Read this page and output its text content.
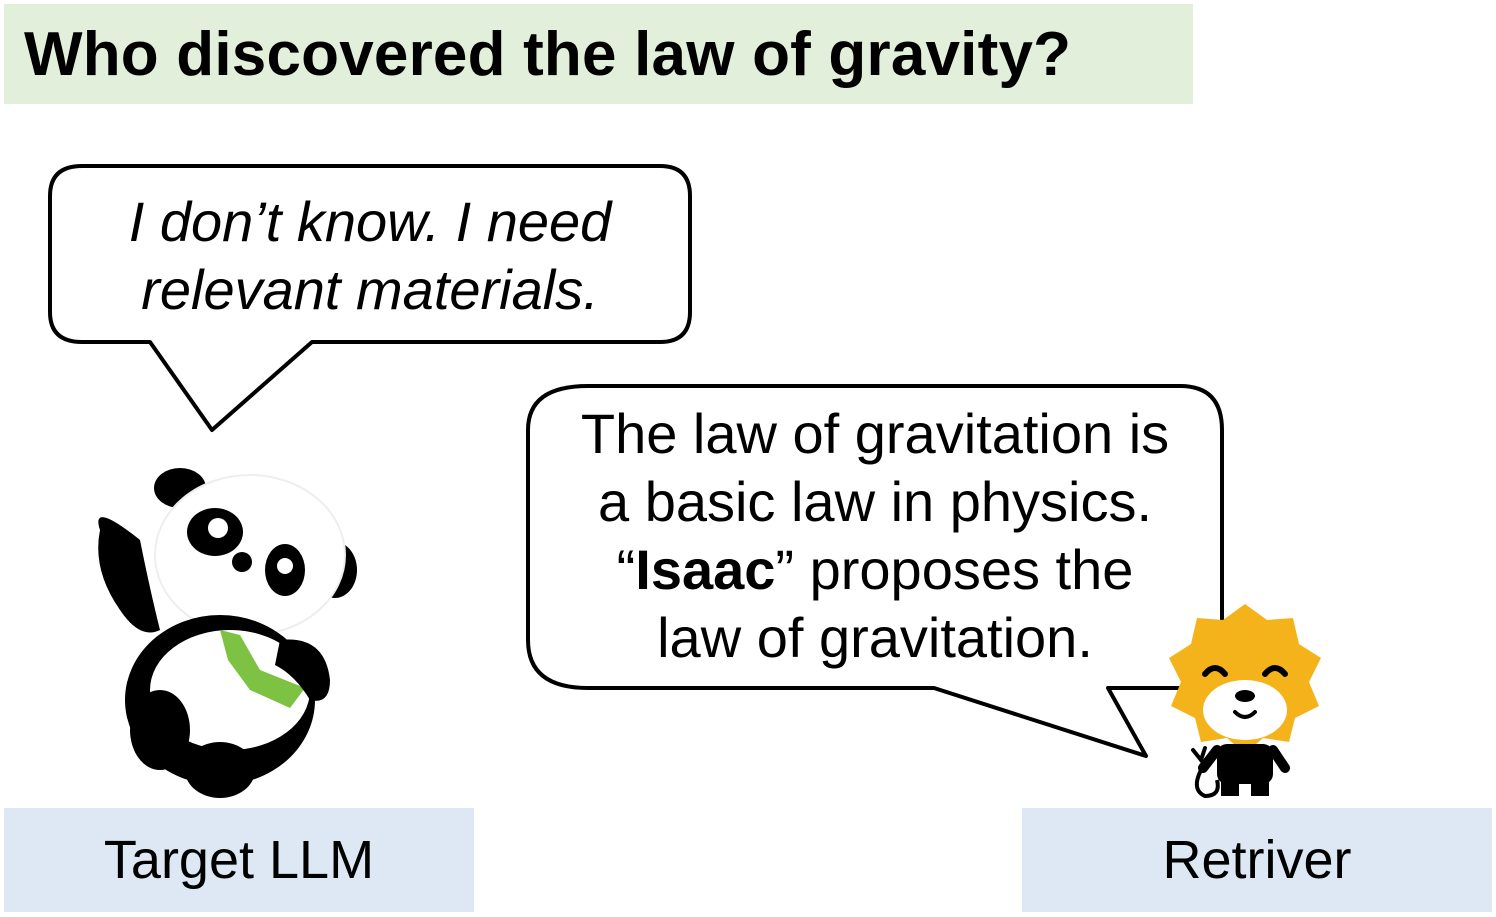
Who discovered the law of gravity?
I don’t know. I need
relevant materials.
The law of gravitation is
a basic law in physics.
“Isaac” proposes the
law of gravitation.
Target LLM	Retriver
